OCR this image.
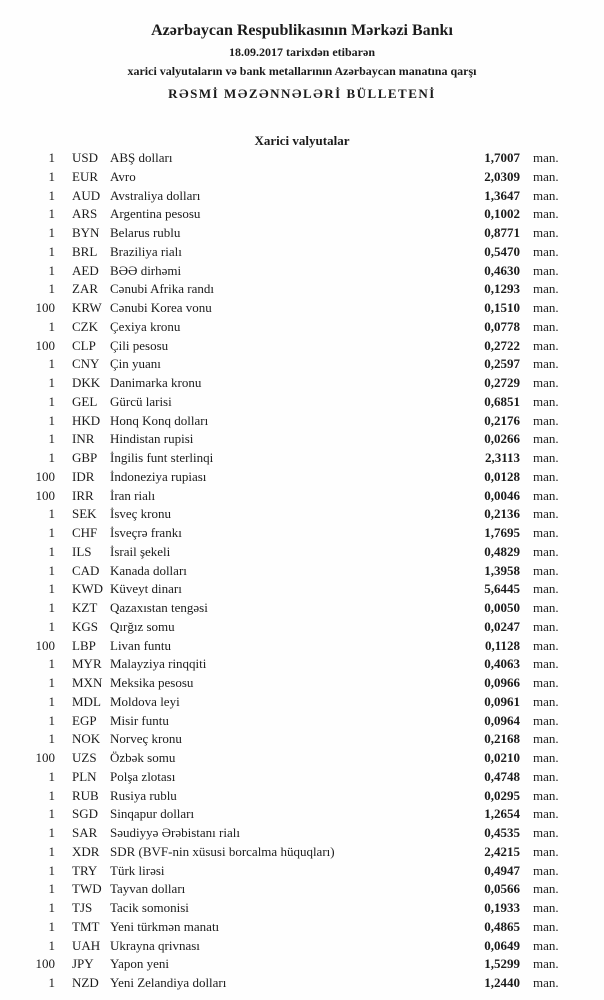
Azərbaycan Respublikasının Mərkəzi Bankı
18.09.2017 tarixdən etibarən
xarici valyutaların və bank metallarının Azərbaycan manatına qarşı
RƏSMİ MƏZƏNNƏLƏRİ BÜLLETENİ
Xarici valyutalar
1	USD ABŞ dolları	1,7007	man.
1	EUR Avro	2,0309	man.
1	AUD Avstraliya dolları	1,3647	man.
1	ARS Argentina pesosu	0,1002	man.
1	BYN Belarus rublu	0,8771	man.
1	BRL Braziliya rialı	0,5470	man.
1	AED BƏƏ dirhəmi	0,4630	man.
1	ZAR Cənubi Afrika randı	0,1293	man.
100	KRW Cənubi Korea vonu	0,1510	man.
1	CZK Çexiya kronu	0,0778	man.
100	CLP	Çili pesosu	0,2722	man.
1	CNY Çin yuanı	0,2597	man.
1	DKK Danimarka kronu	0,2729	man.
1	GEL Gürcü larisi	0,6851	man.
1	HKD Honq Konq dolları	0,2176	man.
1	INR	Hindistan rupisi	0,0266	man.
1	GBP İngilis funt sterlinqi	2,3113	man.
100	IDR	İndoneziya rupiası	0,0128	man.
100	IRR	İran rialı	0,0046	man.
1	SEK	İsveç kronu	0,2136	man.
1	CHF İsveçrə frankı	1,7695	man.
1	ILS	İsrail şekeli	0,4829	man.
1	CAD Kanada dolları	1,3958	man.
1	KWD Küveyt dinarı	5,6445	man.
1	KZT Qazaxıstan tengəsi	0,0050	man.
1	KGS Qırğız somu	0,0247	man.
100	LBP	Livan funtu	0,1128	man.
1	MYR Malayziya rinqqiti	0,4063	man.
1	MXN Meksika pesosu	0,0966	man.
1	MDL Moldova leyi	0,0961	man.
1	EGP	Misir funtu	0,0964	man.
1	NOK Norveç kronu	0,2168	man.
100	UZS	Özbək somu	0,0210	man.
1	PLN	Polşa zlotası	0,4748	man.
1	RUB Rusiya rublu	0,0295	man.
1	SGD Sinqapur dolları	1,2654	man.
1	SAR Səudiyyə Ərəbistanı rialı	0,4535	man.
1	XDR SDR (BVF-nin xüsusi borcalma hüquqları)	2,4215	man.
1	TRY Türk lirəsi	0,4947	man.
1	TWD Tayvan dolları	0,0566	man.
1	TJS	Tacik somonisi	0,1933	man.
1	TMT Yeni türkmən manatı	0,4865	man.
1	UAH Ukrayna qrivnası	0,0649	man.
100	JPY	Yapon yeni	1,5299	man.
1	NZD Yeni Zelandiya dolları	1,2440	man.
